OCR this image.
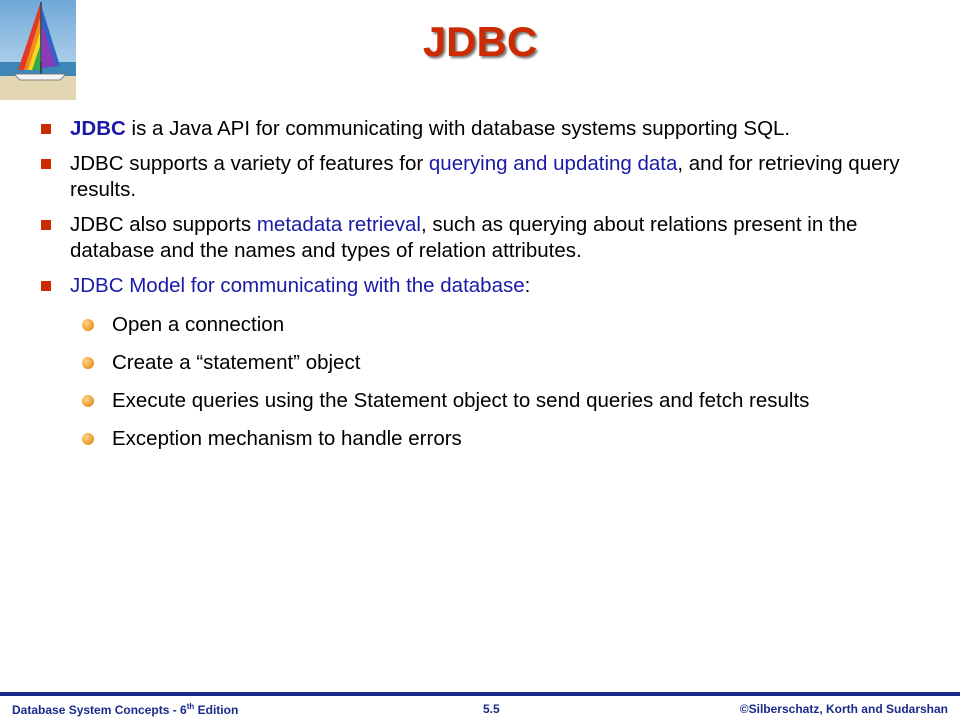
JDBC
JDBC is a Java API for communicating with database systems supporting SQL.
JDBC supports a variety of features for querying and updating data, and for retrieving query results.
JDBC also supports metadata retrieval, such as querying about relations present in the database and the names and types of relation attributes.
JDBC Model for communicating with the database:
Open a connection
Create a “statement” object
Execute queries using the Statement object to send queries and fetch results
Exception mechanism to handle errors
Database System Concepts - 6th Edition	5.5	©Silberschatz, Korth and Sudarshan
